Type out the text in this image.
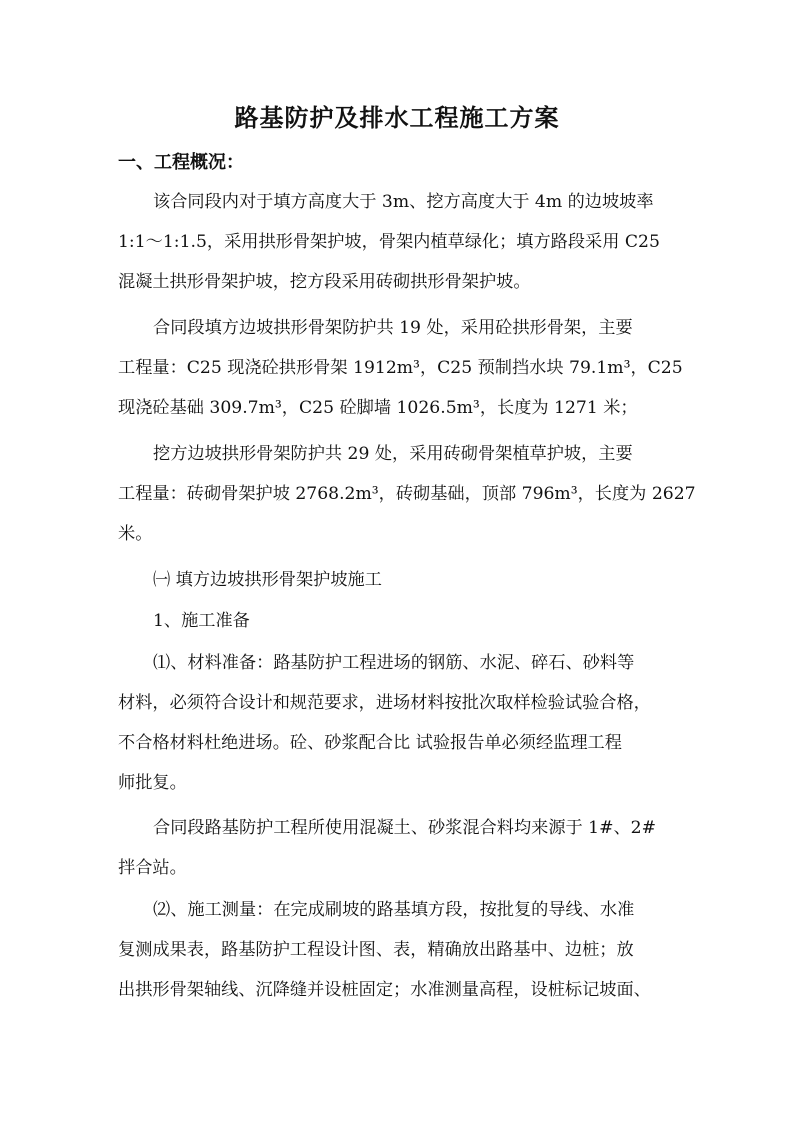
路基防护及排水工程施工方案
一、工程概况：

该合同段内对于填方高度大于 3m、挖方高度大于 4m 的边坡坡率
1:1～1:1.5，采用拱形骨架护坡，骨架内植草绿化；填方路段采用 C25
混凝土拱形骨架护坡，挖方段采用砖砌拱形骨架护坡。

合同段填方边坡拱形骨架防护共 19 处，采用砼拱形骨架，主要
工程量：C25 现浇砼拱形骨架 1912m³，C25 预制挡水块 79.1m³，C25
现浇砼基础 309.7m³，C25 砼脚墙 1026.5m³，长度为 1271 米；

挖方边坡拱形骨架防护共 29 处，采用砖砌骨架植草护坡，主要
工程量：砖砌骨架护坡 2768.2m³，砖砌基础，顶部 796m³，长度为 2627
米。

㈠ 填方边坡拱形骨架护坡施工

1、施工准备

⑴、材料准备：路基防护工程进场的钢筋、水泥、碎石、砂料等
材料，必须符合设计和规范要求，进场材料按批次取样检验试验合格，
不合格材料杜绝进场。砼、砂浆配合比 试验报告单必须经监理工程
师批复。

合同段路基防护工程所使用混凝土、砂浆混合料均来源于 1#、2#
拌合站。

⑵、施工测量：在完成刷坡的路基填方段，按批复的导线、水准
复测成果表，路基防护工程设计图、表，精确放出路基中、边桩；放
出拱形骨架轴线、沉降缝并设桩固定；水准测量高程，设桩标记坡面、
